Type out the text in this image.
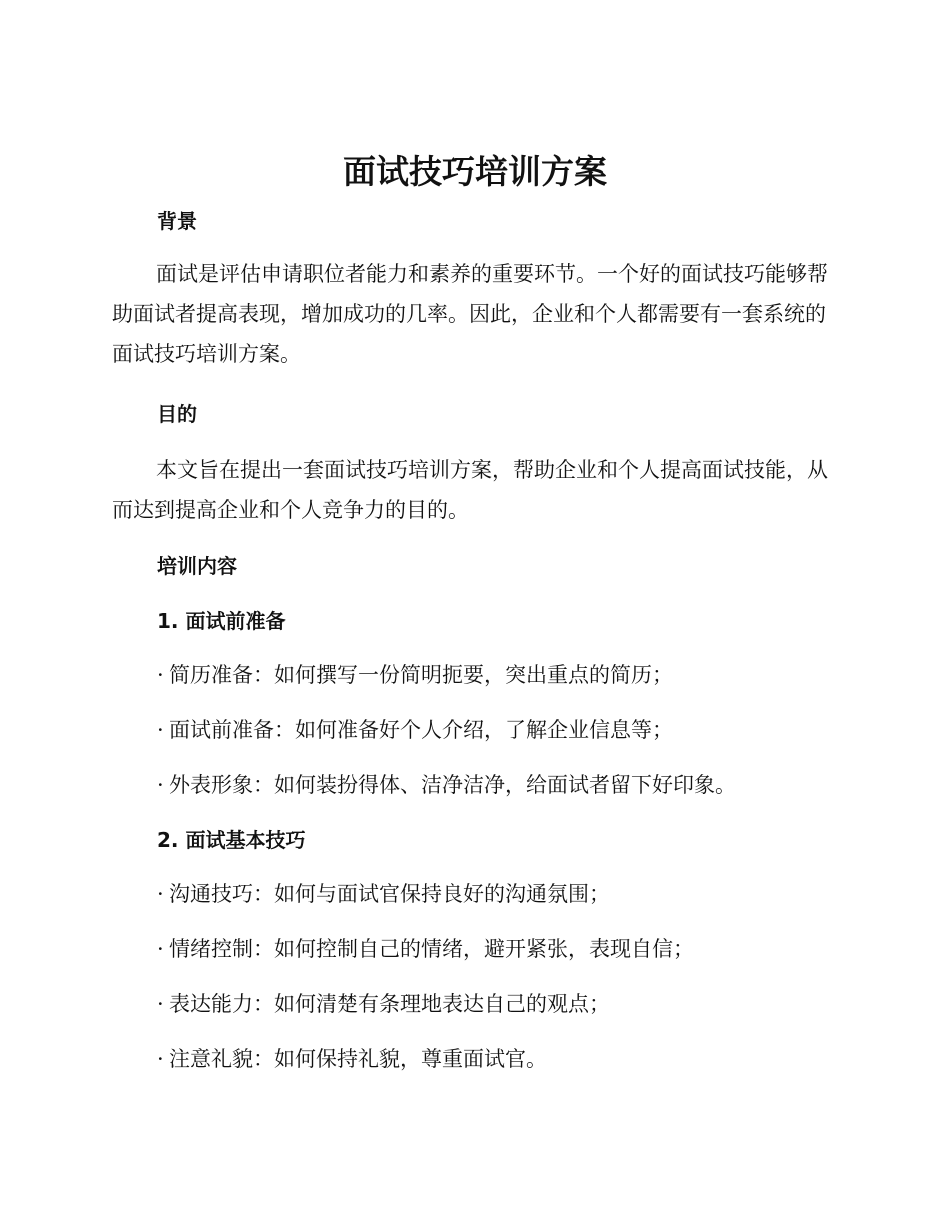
面试技巧培训方案
背景
面试是评估申请职位者能力和素养的重要环节。一个好的面试技巧能够帮助面试者提高表现，增加成功的几率。因此，企业和个人都需要有一套系统的面试技巧培训方案。
目的
本文旨在提出一套面试技巧培训方案，帮助企业和个人提高面试技能，从而达到提高企业和个人竞争力的目的。
培训内容
1. 面试前准备
· 简历准备：如何撰写一份简明扼要，突出重点的简历；
· 面试前准备：如何准备好个人介绍，了解企业信息等；
· 外表形象：如何装扮得体、洁净洁净，给面试者留下好印象。
2. 面试基本技巧
· 沟通技巧：如何与面试官保持良好的沟通氛围；
· 情绪控制：如何控制自己的情绪，避开紧张，表现自信；
· 表达能力：如何清楚有条理地表达自己的观点；
· 注意礼貌：如何保持礼貌，尊重面试官。
